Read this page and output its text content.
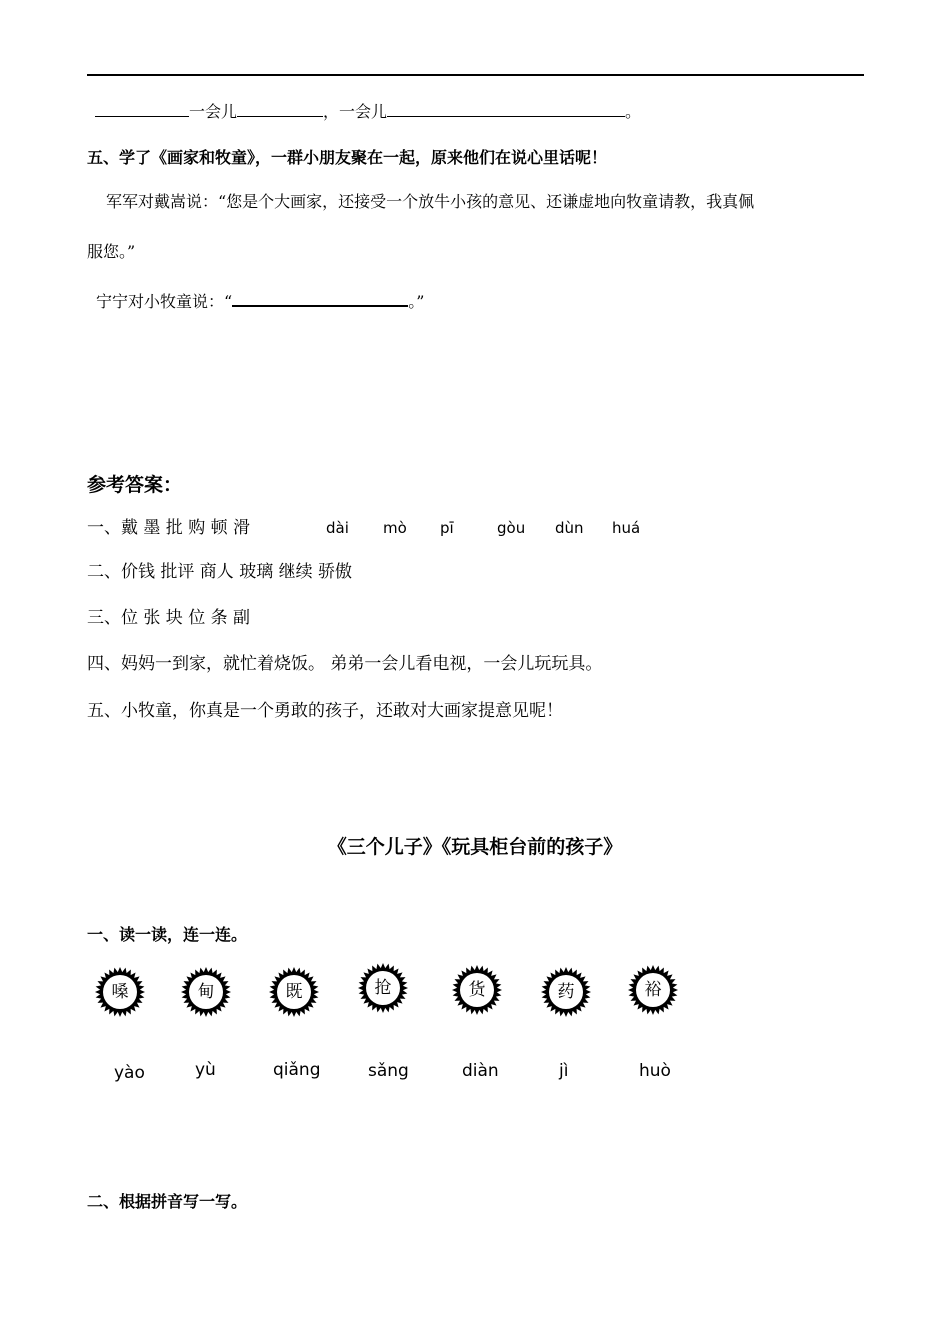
一会儿	，一会儿	。
五、学了《画家和牧童》，一群小朋友聚在一起，原来他们在说心里话呢！
军军对戴嵩说：“您是个大画家，还接受一个放牛小孩的意见、还谦虚地向牧童请教，我真佩
服您。”
宁宁对小牧童说：“	。”
参考答案：
一、戴 墨 批 购 顿 滑	dài mò pī	gòu dùn huá
二、价钱 批评 商人 玻璃 继续 骄傲
三、位 张 块 位 条 副
四、妈妈一到家，就忙着烧饭。 弟弟一会儿看电视，一会儿玩玩具。
五、小牧童，你真是一个勇敢的孩子，还敢对大画家提意见呢！
《三个儿子》《玩具柜台前的孩子》
一、读一读，连一连。
嗓	甸	既	抢	货	药	裕
yào	yù	qiǎng	sǎng	diàn	jì	huò
二、根据拼音写一写。
